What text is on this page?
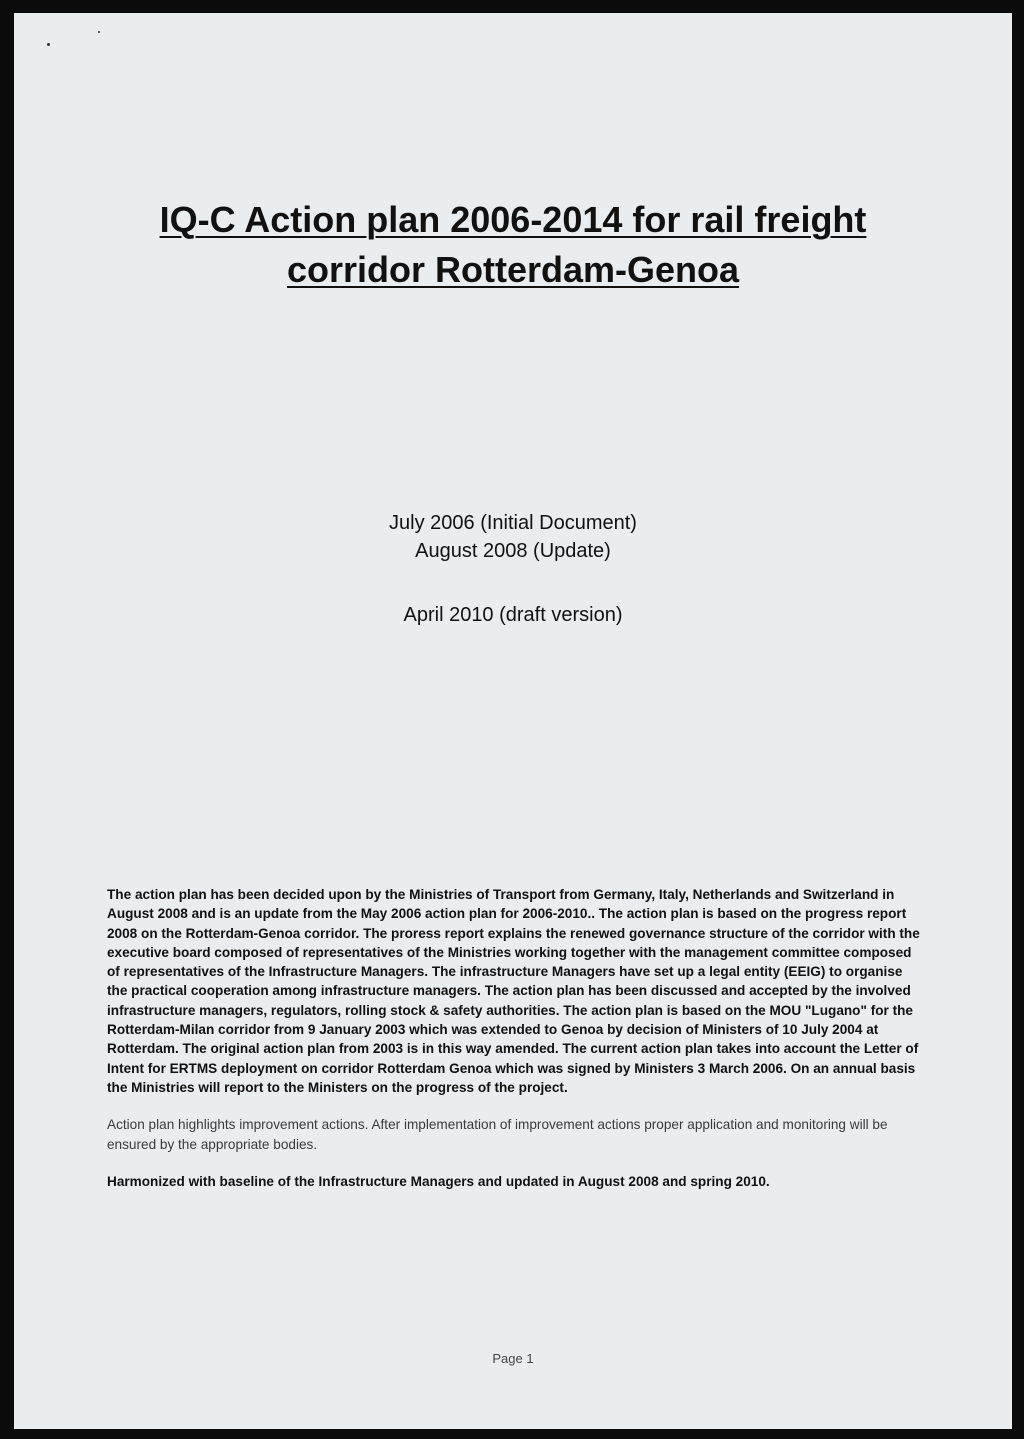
IQ-C Action plan 2006-2014 for rail freight
corridor Rotterdam-Genoa
July 2006 (Initial Document)
August 2008 (Update)
April 2010 (draft version)

The action plan has been decided upon by the Ministries of Transport from Germany, Italy, Netherlands and Switzerland in August 2008 and is an update from the May 2006 action plan for 2006-2010.. The action plan is based on the progress report 2008 on the Rotterdam-Genoa corridor. The proress report explains the renewed governance structure of the corridor with the executive board composed of representatives of the Ministries working together with the management committee composed of representatives of the Infrastructure Managers. The infrastructure Managers have set up a legal entity (EEIG) to organise the practical cooperation among infrastructure managers. The action plan has been discussed and accepted by the involved infrastructure managers, regulators, rolling stock & safety authorities. The action plan is based on the MOU "Lugano" for the Rotterdam-Milan corridor from 9 January 2003 which was extended to Genoa by decision of Ministers of 10 July 2004 at Rotterdam. The original action plan from 2003 is in this way amended. The current action plan takes into account the Letter of Intent for ERTMS deployment on corridor Rotterdam Genoa which was signed by Ministers 3 March 2006. On an annual basis the Ministries will report to the Ministers on the progress of the project.

Action plan highlights improvement actions. After implementation of improvement actions proper application and monitoring will be ensured by the appropriate bodies.

Harmonized with baseline of the Infrastructure Managers and updated in August 2008 and spring 2010.

Page 1
